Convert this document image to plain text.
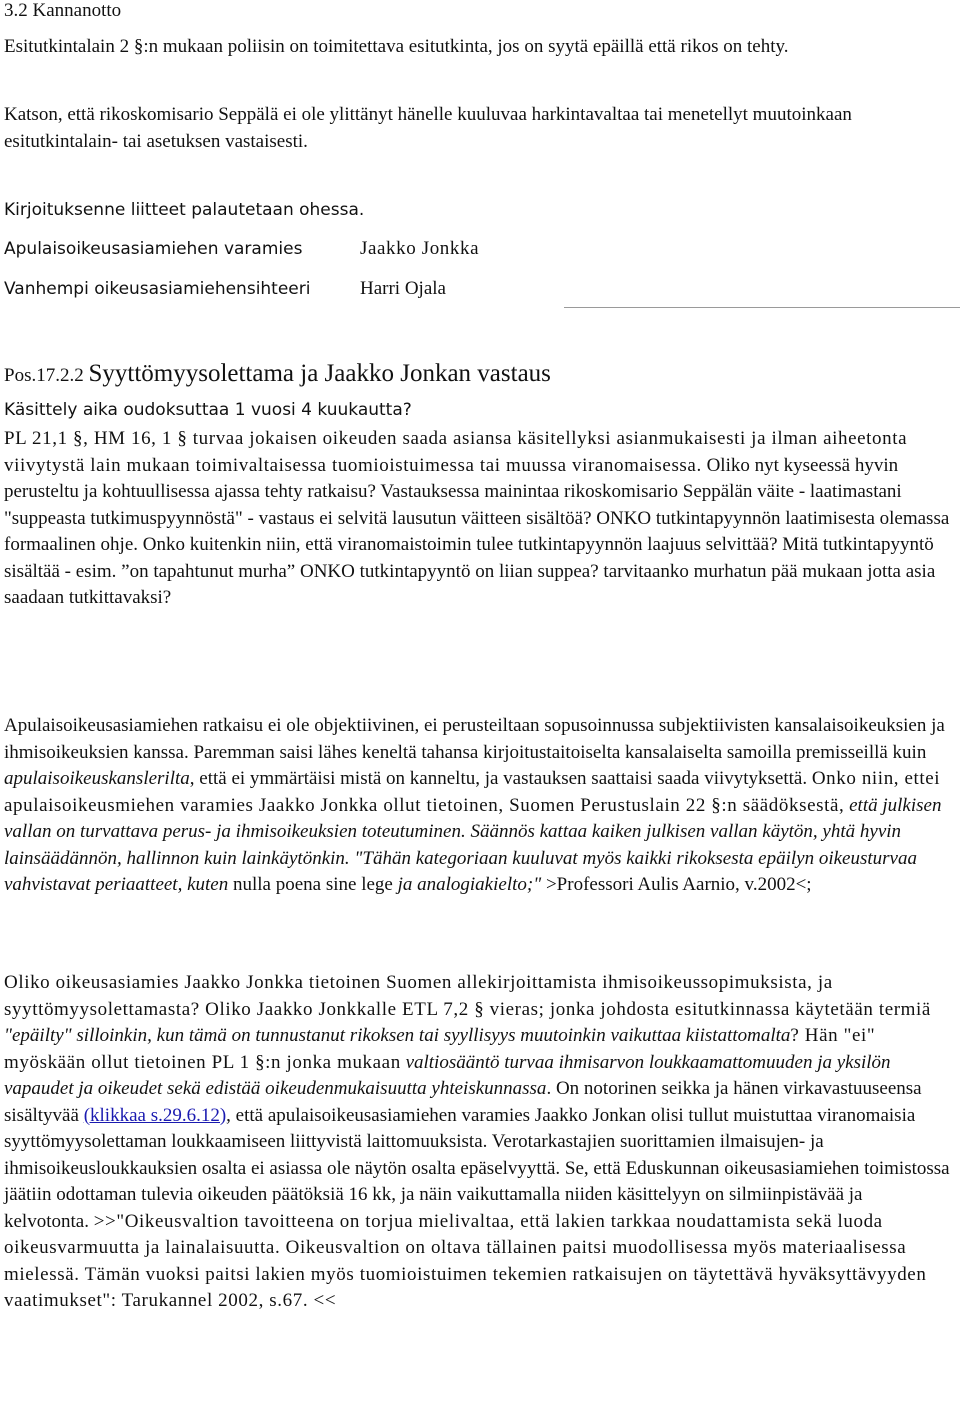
3.2 Kannanotto

Esitutkintalain 2 §:n mukaan poliisin on toimitettava esitutkinta, jos on syytä epäillä että rikos on tehty.

Katson, että rikoskomisario Seppälä ei ole ylittänyt hänelle kuuluvaa harkintavaltaa tai menetellyt muutoinkaan esitutkintalain- tai asetuksen vastaisesti.

Kirjoituksenne liitteet palautetaan ohessa.

Apulaisoikeusasiamiehen varamies	Jaakko Jonkka
Vanhempi oikeusasiamiehensihteeri	Harri Ojala

Pos.17.2.2 Syyttömyysolettama ja Jaakko Jonkan vastaus

Käsittely aika oudoksuttaa 1 vuosi 4 kuukautta?

PL 21,1 §, HM 16, 1 § turvaa jokaisen oikeuden saada asiansa käsitellyksi asianmukaisesti ja ilman aiheetonta viivytystä lain mukaan toimivaltaisessa tuomioistuimessa tai muussa viranomaisessa. Oliko nyt kyseessä hyvin perusteltu ja kohtuullisessa ajassa tehty ratkaisu? Vastauksessa mainintaa rikoskomisario Seppälän väite - laatimastani "suppeasta tutkimuspyynnöstä" - vastaus ei selvitä lausutun väitteen sisältöä? ONKO tutkintapyynnön laatimisesta olemassa formaalinen ohje. Onko kuitenkin niin, että viranomaistoimin tulee tutkintapyynnön laajuus selvittää? Mitä tutkintapyyntö sisältää - esim. ”on tapahtunut murha” ONKO tutkintapyyntö on liian suppea? tarvitaanko murhatun pää mukaan jotta asia saadaan tutkittavaksi?
Apulaisoikeusasiamiehen ratkaisu ei ole objektiivinen, ei perusteiltaan sopusoinnussa subjektiivisten kansalaisoikeuksien ja ihmisoikeuksien kanssa. Paremman saisi lähes keneltä tahansa kirjoitustaitoiselta kansalaiselta samoilla premisseillä kuin apulaisoikeuskanslerilta, että ei ymmärtäisi mistä on kanneltu, ja vastauksen saattaisi saada viivytyksettä. Onko niin, ettei apulaisoikeusmiehen varamies Jaakko Jonkka ollut tietoinen, Suomen Perustuslain 22 §:n säädöksestä, että julkisen vallan on turvattava perus- ja ihmisoikeuksien toteutuminen. Säännös kattaa kaiken julkisen vallan käytön, yhtä hyvin lainsäädännön, hallinnon kuin lainkäytönkin. "Tähän kategoriaan kuuluvat myös kaikki rikoksesta epäilyn oikeusturvaa vahvistavat periaatteet, kuten nulla poena sine lege ja analogiakielto;" >Professori Aulis Aarnio, v.2002<;
Oliko oikeusasiamies Jaakko Jonkka tietoinen Suomen allekirjoittamista ihmisoikeussopimuksista, ja syyttömyysolettamasta? Oliko Jaakko Jonkkalle ETL 7,2 § vieras; jonka johdosta esitutkinnassa käytetään termiä "epäilty" silloinkin, kun tämä on tunnustanut rikoksen tai syyllisyys muutoinkin vaikuttaa kiistattomalta? Hän "ei" myöskään ollut tietoinen PL 1 §:n jonka mukaan valtiosääntö turvaa ihmisarvon loukkaamattomuuden ja yksilön vapaudet ja oikeudet sekä edistää oikeudenmukaisuutta yhteiskunnassa. On notorinen seikka ja hänen virkavastuuseensa sisältyvää (klikkaa s.29.6.12), että apulaisoikeusasiamiehen varamies Jaakko Jonkan olisi tullut muistuttaa viranomaisia syyttömyysolettaman loukkaamiseen liittyvistä laittomuuksista. Verotarkastajien suorittamien ilmaisujen- ja ihmisoikeusloukkauksien osalta ei asiassa ole näytön osalta epäselvyyttä. Se, että Eduskunnan oikeusasiamiehen toimistossa jäätiin odottaman tulevia oikeuden päätöksiä 16 kk, ja näin vaikuttamalla niiden käsittelyyn on silmiinpistävää ja kelvotonta. >>"Oikeusvaltion tavoitteena on torjua mielivaltaa, että lakien tarkkaa noudattamista sekä luoda oikeusvarmuutta ja lainalaisuutta. Oikeusvaltion on oltava tällainen paitsi muodollisessa myös materiaalisessa mielessä. Tämän vuoksi paitsi lakien myös tuomioistuimen tekemien ratkaisujen on täytettävä hyväksyttävyyden vaatimukset": Tarukannel 2002, s.67. <<
